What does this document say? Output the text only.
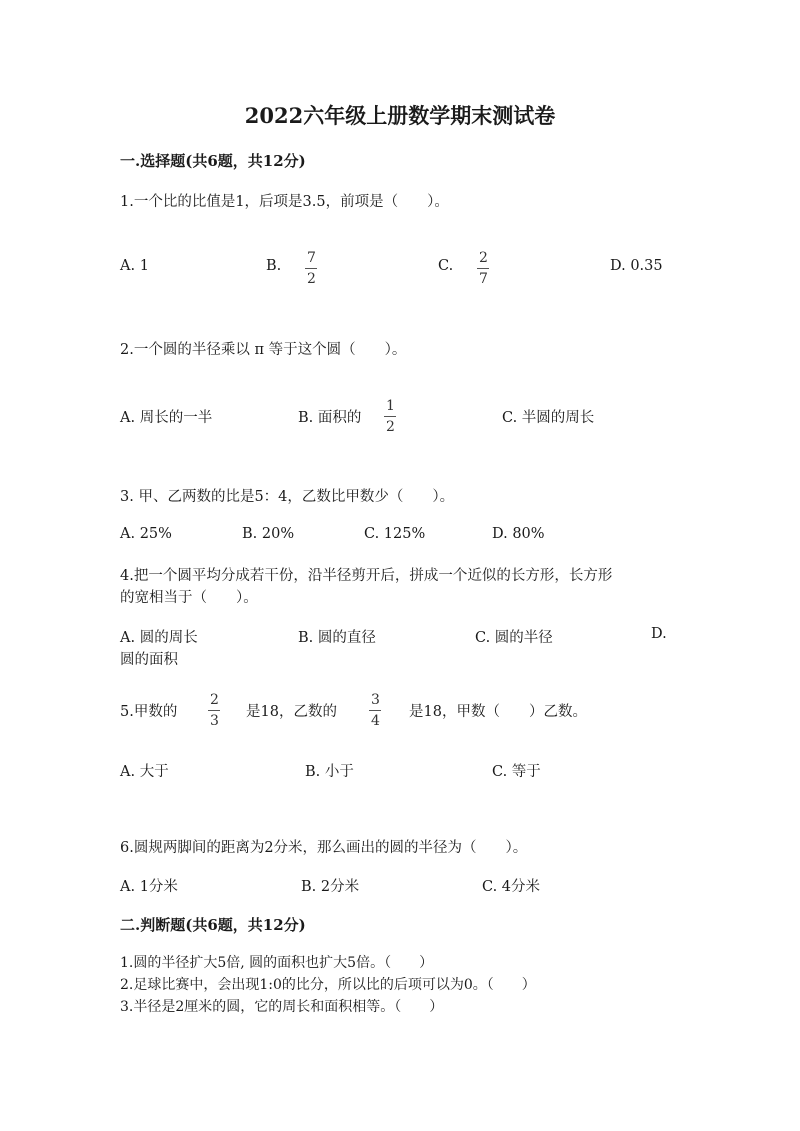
2022六年级上册数学期末测试卷
一.选择题(共6题，共12分)
1.一个比的比值是1，后项是3.5，前项是（　　）。
A. 1	B. 7
2
C. 2
7
D. 0.35
2.一个圆的半径乘以 π 等于这个圆（　　）。
A. 周长的一半	B. 面积的
1
2
C. 半圆的周长
3. 甲、乙两数的比是5：4，乙数比甲数少（　　）。
A. 25%	B. 20%	C. 125%	D. 80%
4.把一个圆平均分成若干份，沿半径剪开后，拼成一个近似的长方形，长方形
的宽相当于（　　）。
A. 圆的周长	B. 圆的直径	C. 圆的半径	D.
圆的面积
5.甲数的
2
3
是18，乙数的
3
4
是18，甲数（　　）乙数。
A. 大于	B. 小于	C. 等于
6.圆规两脚间的距离为2分米，那么画出的圆的半径为（　　）。
A. 1分米	B. 2分米	C. 4分米
二.判断题(共6题，共12分)
1.圆的半径扩大5倍, 圆的面积也扩大5倍。（　　）
2.足球比赛中，会出现1:0的比分，所以比的后项可以为0。（　　）
3.半径是2厘米的圆，它的周长和面积相等。（　　）
